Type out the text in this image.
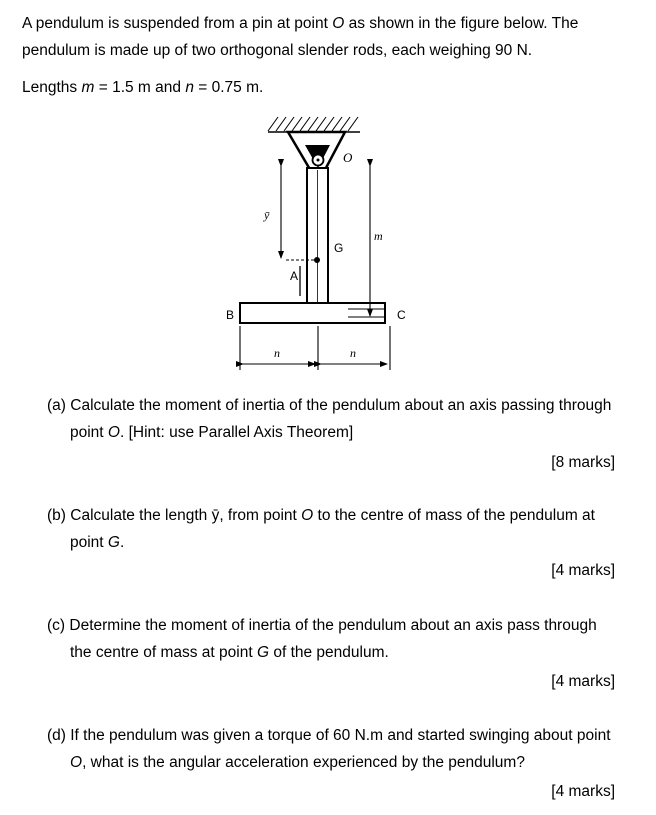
A pendulum is suspended from a pin at point O as shown in the figure below. The
pendulum is made up of two orthogonal slender rods, each weighing 90 N.
Lengths m = 1.5 m and n = 0.75 m.
O
G
A
B	C
ȳ
m
n	n
(a) Calculate the moment of inertia of the pendulum about an axis passing through
point O. [Hint: use Parallel Axis Theorem]
[8 marks]
(b) Calculate the length ȳ, from point O to the centre of mass of the pendulum at
point G.
[4 marks]
(c) Determine the moment of inertia of the pendulum about an axis pass through
the centre of mass at point G of the pendulum.
[4 marks]
(d) If the pendulum was given a torque of 60 N.m and started swinging about point
O, what is the angular acceleration experienced by the pendulum?
[4 marks]
